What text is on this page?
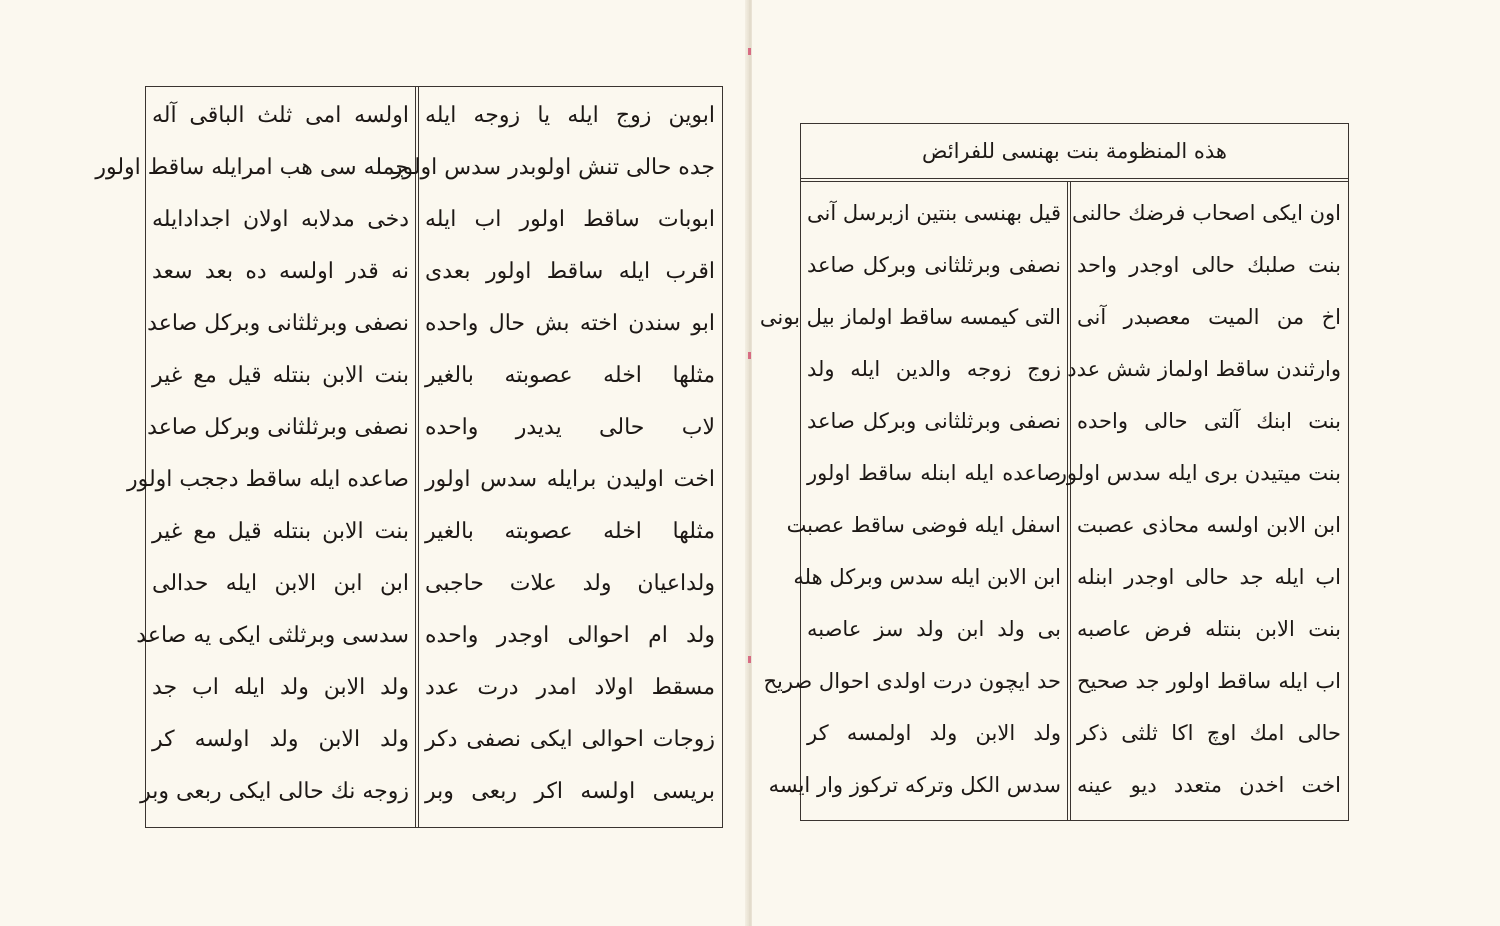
اولسه امی ثلث الباقی آله
جمله سی هب امرایله ساقط اولور
دخی مدلابه اولان اجدادایله
نه قدر اولسه ده بعد سعد
نصفی وبرثلثانی وبرکل صاعد
بنت الابن بنتله قیل مع غیر
نصفی وبرثلثانی وبرکل صاعد
صاعده ایله ساقط دججب اولور
بنت الابن بنتله قیل مع غیر
ابن ابن الابن ایله حدالی
سدسی وبرثلثی ایکی یه صاعد
ولد الابن ولد ایله اب جد
ولد الابن ولد اولسه کر
زوجه نك حالی ایکی ربعی وبر
ابوین زوج ایله یا زوجه ایله
جده حالی تنش اولوبدر سدس اولور
ابوبات ساقط اولور اب ایله
اقرب ایله ساقط اولور بعدی
ابو سندن اخته بش حال واحده
مثلها اخله عصوبته بالغیر
لاب حالی یدیدر واحده
اخت اولیدن برایله سدس اولور
مثلها اخله عصوبته بالغیر
ولداعیان ولد علات حاجبی
ولد ام احوالی اوجدر واحده
مسقط اولاد امدر درت عدد
زوجات احوالی ایکی نصفی دکر
بریسی اولسه اکر ربعی وبر
هذه المنظومة بنت بهنسی للفرائض
قیل بهنسی بنتین ازبرسل آنی
نصفی وبرثلثانی وبرکل صاعد
التی کیمسه ساقط اولماز بیل بونی
زوج زوجه والدین ایله ولد
نصفی وبرثلثانی وبرکل صاعد
صاعده ایله ابنله ساقط اولور
اسفل ایله فوضی ساقط عصبت
ابن الابن ایله سدس وبرکل هله
بی ولد ابن ولد سز عاصبه
حد ایچون درت اولدی احوال صریح
ولد الابن ولد اولمسه کر
سدس الکل وترکه ترکوز وار ایسه
اون ایکی اصحاب فرضك حالنی
بنت صلبك حالی اوجدر واحد
اخ من المیت معصبدر آنی
وارثندن ساقط اولماز شش عدد
بنت ابنك آلتی حالی واحده
بنت میتیدن بری ایله سدس اولور
ابن الابن اولسه محاذی عصبت
اب ایله جد حالی اوجدر ابنله
بنت الابن بنتله فرض عاصبه
اب ایله ساقط اولور جد صحیح
حالی امك اوچ اکا ثلثی ذکر
اخت اخدن متعدد دیو عینه
